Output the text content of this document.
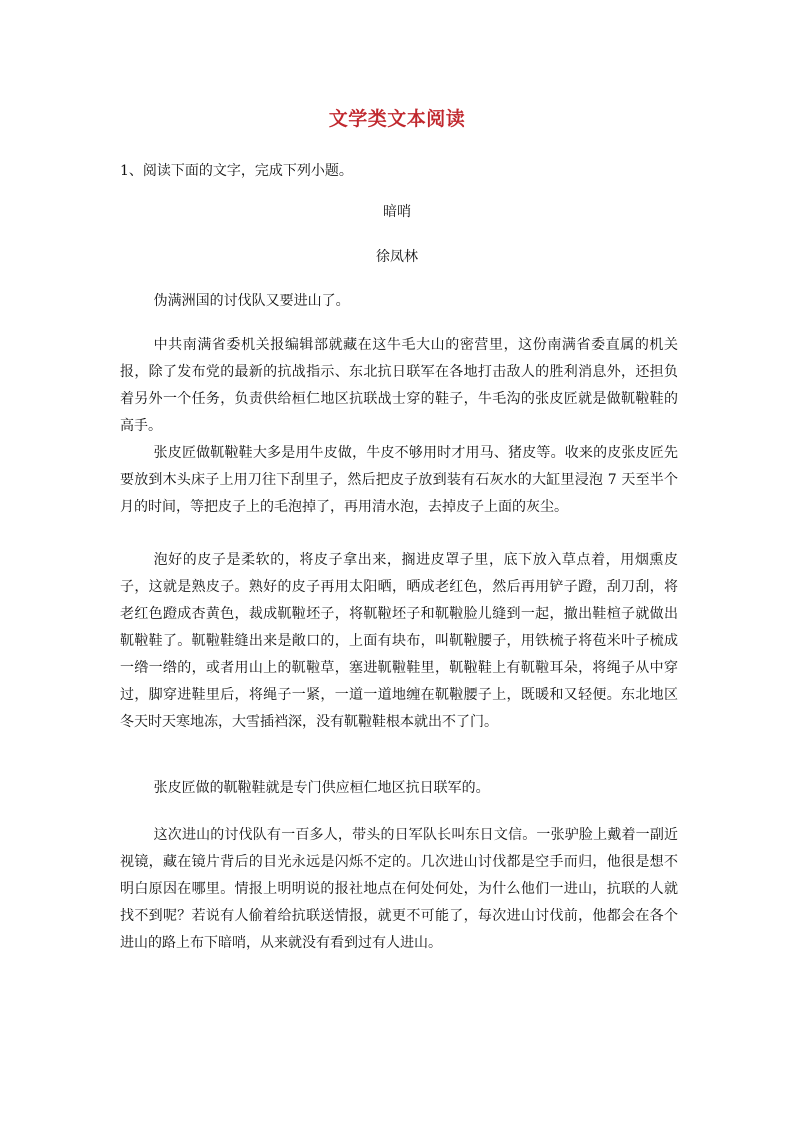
文学类文本阅读
1、阅读下面的文字，完成下列小题。
暗哨
徐凤林

伪满洲国的讨伐队又要进山了。

中共南满省委机关报编辑部就藏在这牛毛大山的密营里，这份南满省委直属的机关报，除了发布党的最新的抗战指示、东北抗日联军在各地打击敌人的胜利消息外，还担负着另外一个任务，负责供给桓仁地区抗联战士穿的鞋子，牛毛沟的张皮匠就是做靰鞡鞋的高手。

张皮匠做靰鞡鞋大多是用牛皮做，牛皮不够用时才用马、猪皮等。收来的皮张皮匠先要放到木头床子上用刀往下刮里子，然后把皮子放到装有石灰水的大缸里浸泡 7 天至半个月的时间，等把皮子上的毛泡掉了，再用清水泡，去掉皮子上面的灰尘。

泡好的皮子是柔软的，将皮子拿出来，搁进皮罩子里，底下放入草点着，用烟熏皮子，这就是熟皮子。熟好的皮子再用太阳晒，晒成老红色，然后再用铲子蹬，刮刀刮，将老红色蹬成杏黄色，裁成靰鞡坯子，将靰鞡坯子和靰鞡脸儿缝到一起，撤出鞋楦子就做出靰鞡鞋了。靰鞡鞋缝出来是敞口的，上面有块布，叫靰鞡腰子，用铁梳子将苞米叶子梳成一绺一绺的，或者用山上的靰鞡草，塞进靰鞡鞋里，靰鞡鞋上有靰鞡耳朵，将绳子从中穿过，脚穿进鞋里后，将绳子一紧，一道一道地缠在靰鞡腰子上，既暖和又轻便。东北地区冬天时天寒地冻，大雪插裆深，没有靰鞡鞋根本就出不了门。

张皮匠做的靰鞡鞋就是专门供应桓仁地区抗日联军的。

这次进山的讨伐队有一百多人，带头的日军队长叫东日文信。一张驴脸上戴着一副近视镜，藏在镜片背后的目光永远是闪烁不定的。几次进山讨伐都是空手而归，他很是想不明白原因在哪里。情报上明明说的报社地点在何处何处，为什么他们一进山，抗联的人就找不到呢？若说有人偷着给抗联送情报，就更不可能了，每次进山讨伐前，他都会在各个进山的路上布下暗哨，从来就没有看到过有人进山。
